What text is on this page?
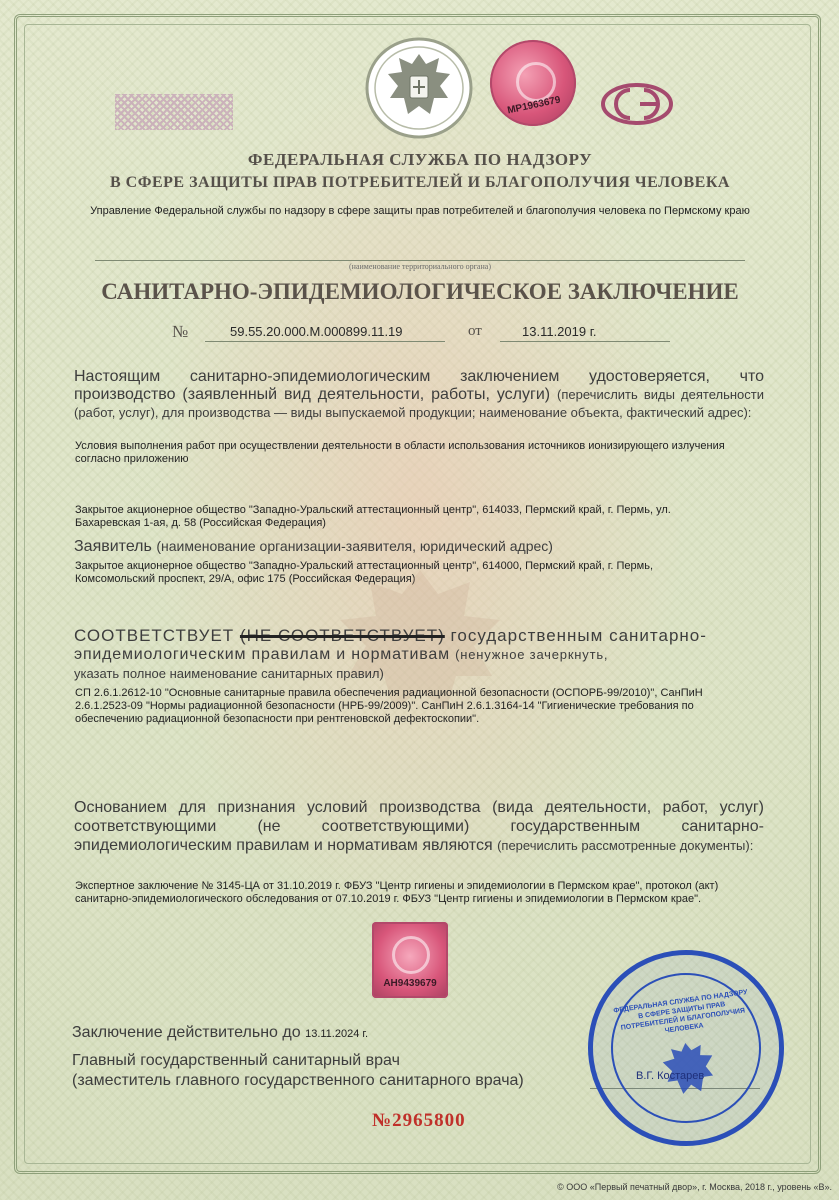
МР1963679
ФЕДЕРАЛЬНАЯ СЛУЖБА ПО НАДЗОРУ
В СФЕРЕ ЗАЩИТЫ ПРАВ ПОТРЕБИТЕЛЕЙ И БЛАГОПОЛУЧИЯ ЧЕЛОВЕКА
Управление Федеральной службы по надзору в сфере защиты прав потребителей и благополучия человека по Пермскому краю
(наименование территориального органа)
САНИТАРНО-ЭПИДЕМИОЛОГИЧЕСКОЕ ЗАКЛЮЧЕНИЕ
№	59.55.20.000.М.000899.11.19	от	13.11.2019 г.
Настоящим санитарно-эпидемиологическим заключением удостоверяется, что производство (заявленный вид деятельности, работы, услуги) (перечислить виды деятельности (работ, услуг), для производства — виды выпускаемой продукции; наименование объекта, фактический адрес):
Условия выполнения работ при осуществлении деятельности в области использования источников ионизирующего излучения согласно приложению
Закрытое акционерное общество "Западно-Уральский аттестационный центр", 614033, Пермский край, г. Пермь, ул. Бахаревская 1-ая, д. 58 (Российская Федерация)
Заявитель (наименование организации-заявителя, юридический адрес)
Закрытое акционерное общество "Западно-Уральский аттестационный центр", 614000, Пермский край, г. Пермь, Комсомольский проспект, 29/А, офис 175 (Российская Федерация)
СООТВЕТСТВУЕТ (НЕ СООТВЕТСТВУЕТ) государственным санитарно-
эпидемиологическим правилам и нормативам (ненужное зачеркнуть,
указать полное наименование санитарных правил)
СП 2.6.1.2612-10 "Основные санитарные правила обеспечения радиационной безопасности (ОСПОРБ-99/2010)", СанПиН 2.6.1.2523-09 "Нормы радиационной безопасности (НРБ-99/2009)". СанПиН 2.6.1.3164-14 "Гигиенические требования по обеспечению радиационной безопасности при рентгеновской дефектоскопии".
Основанием для признания условий производства (вида деятельности, работ, услуг) соответствующими (не соответствующими) государственным санитарно-эпидемиологическим правилам и нормативам являются (перечислить рассмотренные документы):
Экспертное заключение № 3145-ЦА от 31.10.2019 г. ФБУЗ "Центр гигиены и эпидемиологии в Пермском крае", протокол (акт) санитарно-эпидемиологического обследования от 07.10.2019 г. ФБУЗ "Центр гигиены и эпидемиологии в Пермском крае".
АН9439679
Заключение действительно до 13.11.2024 г.
Главный государственный санитарный врач
(заместитель главного государственного санитарного врача)
ФЕДЕРАЛЬНАЯ СЛУЖБА ПО НАДЗОРУ В СФЕРЕ ЗАЩИТЫ ПРАВ ПОТРЕБИТЕЛЕЙ И БЛАГОПОЛУЧИЯ ЧЕЛОВЕКА
В.Г. Костарев
№2965800
© ООО «Первый печатный двор», г. Москва, 2018 г., уровень «В».
